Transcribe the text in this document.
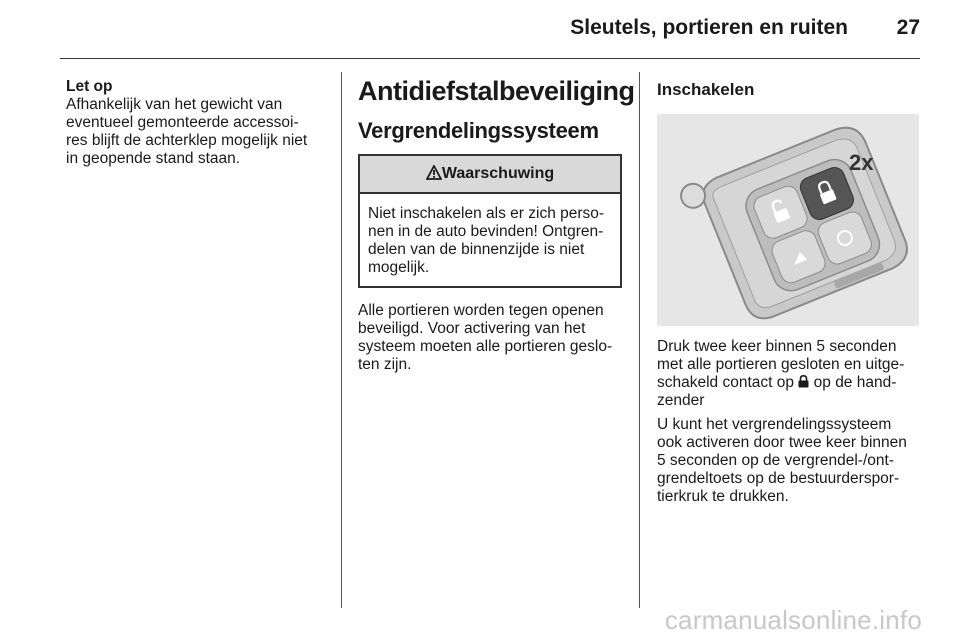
Sleutels, portieren en ruiten 27

Let op

Afhankelijk van het gewicht van

eventueel gemonteerde accessoi-

res blijft de achterklep mogelijk niet

in geopende stand staan.

Antidiefstalbeveiliging
Vergrendelingssysteem
Waarschuwing

Niet inschakelen als er zich perso-

nen in de auto bevinden! Ontgren-

delen van de binnenzijde is niet

mogelijk.

Alle portieren worden tegen openen

beveiligd. Voor activering van het

systeem moeten alle portieren geslo-

ten zijn.

Inschakelen
2x

Druk twee keer binnen 5 seconden

met alle portieren gesloten en uitge-

schakeld contact op op de hand-

zender

U kunt het vergrendelingssysteem

ook activeren door twee keer binnen

5 seconden op de vergrendel-/ont-

grendeltoets op de bestuurderspor-

tierkruk te drukken.

carmanualsonline.info
